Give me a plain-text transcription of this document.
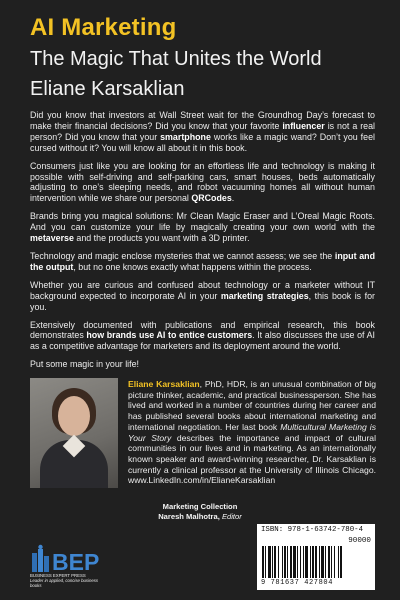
AI Marketing
The Magic That Unites the World
Eliane Karsaklian

Did you know that investors at Wall Street wait for the Groundhog Day’s forecast to make their financial decisions? Did you know that your favorite influencer is not a real person? Did you know that your smartphone works like a magic wand? Don’t you feel cursed without it? You will know all about it in this book.

Consumers just like you are looking for an effortless life and technology is making it possible with self-driving and self-parking cars, smart houses, beds automatically adjusting to one’s sleeping needs, and robot vacuuming homes all without human intervention while we share our personal QRCodes.

Brands bring you magical solutions: Mr Clean Magic Eraser and L’Oreal Magic Roots. And you can customize your life by magically creating your own world with the metaverse and the products you want with a 3D printer.

Technology and magic enclose mysteries that we cannot assess; we see the input and the output, but no one knows exactly what happens within the process.

Whether you are curious and confused about technology or a marketer without IT background expected to incorporate AI in your marketing strategies, this book is for you.

Extensively documented with publications and empirical research, this book demonstrates how brands use AI to entice customers. It also discusses the use of AI as a competitive advantage for marketers and its deployment around the world.

Put some magic in your life!

Eliane Karsaklian, PhD, HDR, is an unusual combination of big picture thinker, academic, and practical businessperson. She has lived and worked in a number of countries during her career and has published several books about international marketing and international negotiation. Her last book Multicultural Marketing is Your Story describes the importance and impact of cultural communities in our lives and in marketing. As an internationally known speaker and award-winning researcher, Dr. Karsaklian is currently a clinical professor at the University of Illinois Chicago. www.LinkedIn.com/in/ElianeKarsaklian
Marketing Collection
Naresh Malhotra, Editor
BEP
BUSINESS EXPERT PRESS
Leader in applied, concise business books
ISBN: 978-1-63742-780-4
90000
9 781637 427804
